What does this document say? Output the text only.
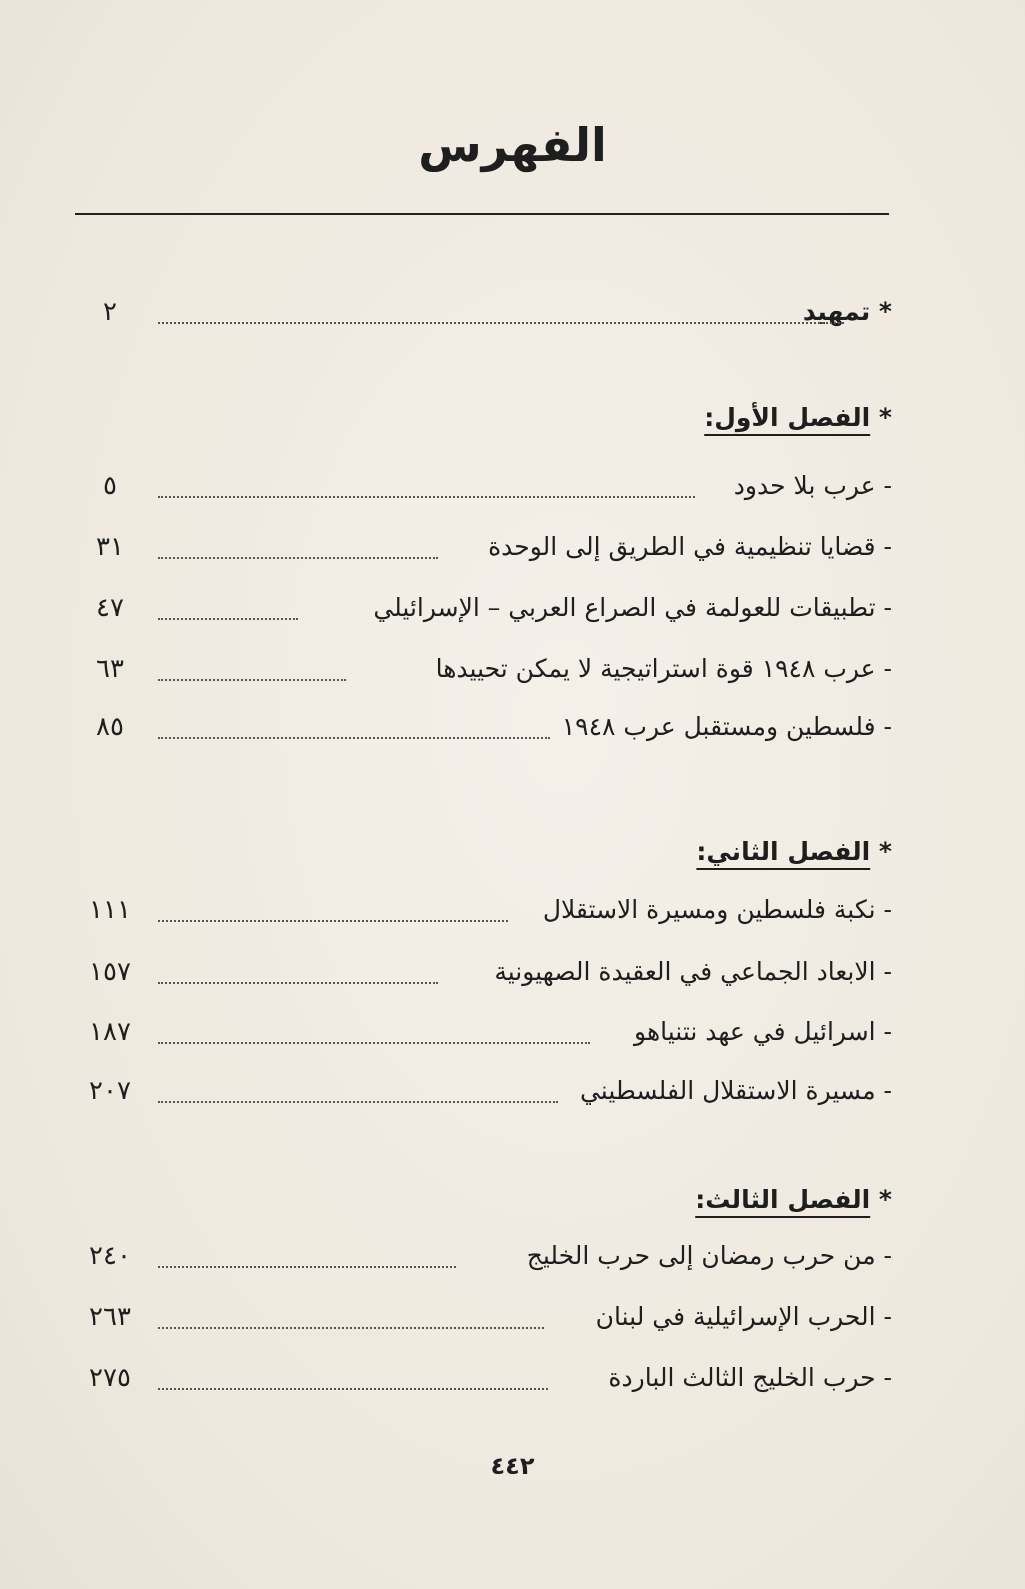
الفهرس
* تمهيد
٢
* الفصل الأول:
- عرب بلا حدود
٥
- قضايا تنظيمية في الطريق إلى الوحدة
٣١
- تطبيقات للعولمة في الصراع العربي – الإسرائيلي
٤٧
- عرب ١٩٤٨ قوة استراتيجية لا يمكن تحييدها
٦٣
- فلسطين ومستقبل عرب ١٩٤٨
٨٥
* الفصل الثاني:
- نكبة فلسطين ومسيرة الاستقلال
١١١
- الابعاد الجماعي في العقيدة الصهيونية
١٥٧
- اسرائيل في عهد نتنياهو
١٨٧
- مسيرة الاستقلال الفلسطيني
٢٠٧
* الفصل الثالث:
- من حرب رمضان إلى حرب الخليج
٢٤٠
- الحرب الإسرائيلية في لبنان
٢٦٣
- حرب الخليج الثالث الباردة
٢٧٥
٤٤٢
